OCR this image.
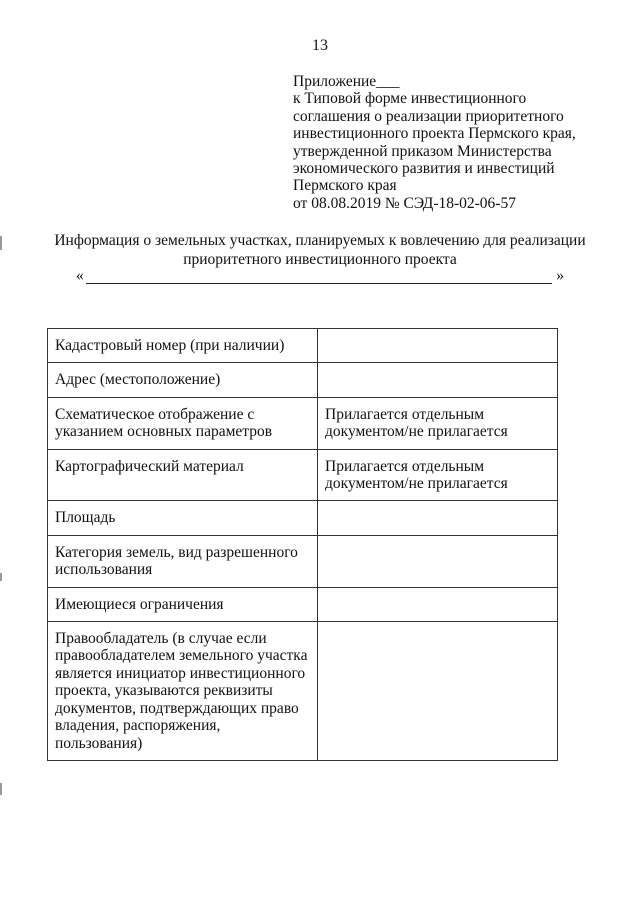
13
Приложение___
к Типовой форме инвестиционного
соглашения о реализации приоритетного
инвестиционного проекта Пермского края,
утвержденной приказом Министерства
экономического развития и инвестиций
Пермского края
от 08.08.2019 № СЭД-18-02-06-57
Информация о земельных участках, планируемых к вовлечению для реализации
приоритетного инвестиционного проекта
«	»
Кадастровый номер (при наличии)	
Адрес (местоположение)	
Схематическое отображение с указанием основных параметров	Прилагается отдельным документом/не прилагается
Картографический материал	Прилагается отдельным документом/не прилагается
Площадь	
Категория земель, вид разрешенного использования	
Имеющиеся ограничения	
Правообладатель (в случае если правообладателем земельного участка является инициатор инвестиционного проекта, указываются реквизиты документов, подтверждающих право владения, распоряжения, пользования)	
